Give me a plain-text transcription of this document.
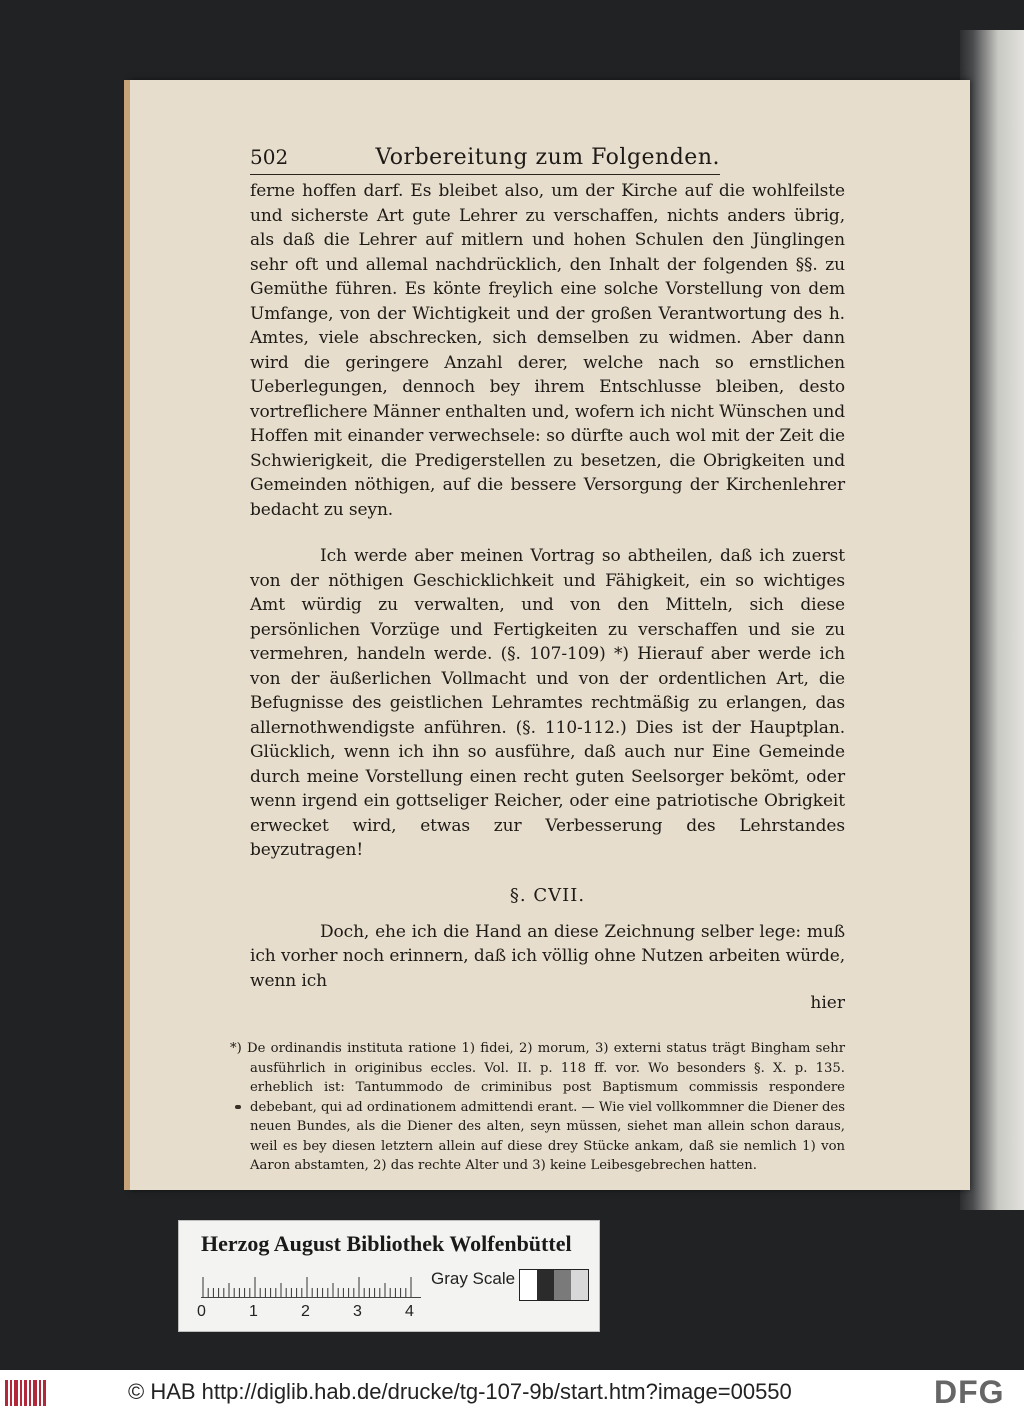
502	Vorbereitung zum Folgenden.

ferne hoffen darf. Es bleibet also, um der Kirche auf die wohlfeilste und sicherste Art gute Lehrer zu verschaffen, nichts anders übrig, als daß die Lehrer auf mitlern und hohen Schulen den Jünglingen sehr oft und allemal nachdrücklich, den Inhalt der folgenden §§. zu Gemüthe führen. Es könte freylich eine solche Vorstellung von dem Umfange, von der Wichtigkeit und der großen Verantwortung des h. Amtes, viele abschrecken, sich demselben zu widmen. Aber dann wird die geringere Anzahl derer, welche nach so ernstlichen Ueberlegungen, dennoch bey ihrem Entschlusse bleiben, desto vortreflichere Männer enthalten und, wofern ich nicht Wünschen und Hoffen mit einander verwechsele: so dürfte auch wol mit der Zeit die Schwierigkeit, die Predigerstellen zu besetzen, die Obrigkeiten und Gemeinden nöthigen, auf die bessere Versorgung der Kirchenlehrer bedacht zu seyn.

Ich werde aber meinen Vortrag so abtheilen, daß ich zuerst von der nöthigen Geschicklichkeit und Fähigkeit, ein so wichtiges Amt würdig zu verwalten, und von den Mitteln, sich diese persönlichen Vorzüge und Fertigkeiten zu verschaffen und sie zu vermehren, handeln werde. (§. 107-109) *) Hierauf aber werde ich von der äußerlichen Vollmacht und von der ordentlichen Art, die Befugnisse des geistlichen Lehramtes rechtmäßig zu erlangen, das allernothwendigste anführen. (§. 110-112.) Dies ist der Hauptplan. Glücklich, wenn ich ihn so ausführe, daß auch nur Eine Gemeinde durch meine Vorstellung einen recht guten Seelsorger bekömt, oder wenn irgend ein gottseliger Reicher, oder eine patriotische Obrigkeit erwecket wird, etwas zur Verbesserung des Lehrstandes beyzutragen!

§. CVII.

Doch, ehe ich die Hand an diese Zeichnung selber lege: muß ich vorher noch erinnern, daß ich völlig ohne Nutzen arbeiten würde, wenn ich

hier

*) De ordinandis instituta ratione 1) fidei, 2) morum, 3) externi status trägt Bingham sehr ausführlich in originibus eccles. Vol. II. p. 118 ff. vor. Wo besonders §. X. p. 135. erheblich ist: Tantummodo de criminibus post Baptismum commissis respondere debebant, qui ad ordinationem admittendi erant. — Wie viel vollkommner die Diener des neuen Bundes, als die Diener des alten, seyn müssen, siehet man allein schon daraus, weil es bey diesen letztern allein auf diese drey Stücke ankam, daß sie nemlich 1) von Aaron abstamten, 2) das rechte Alter und 3) keine Leibesgebrechen hatten.

Herzog August Bibliothek Wolfenbüttel
0	1	2	3	4
Gray Scale
© HAB http://diglib.hab.de/drucke/tg-107-9b/start.htm?image=00550	DFG
